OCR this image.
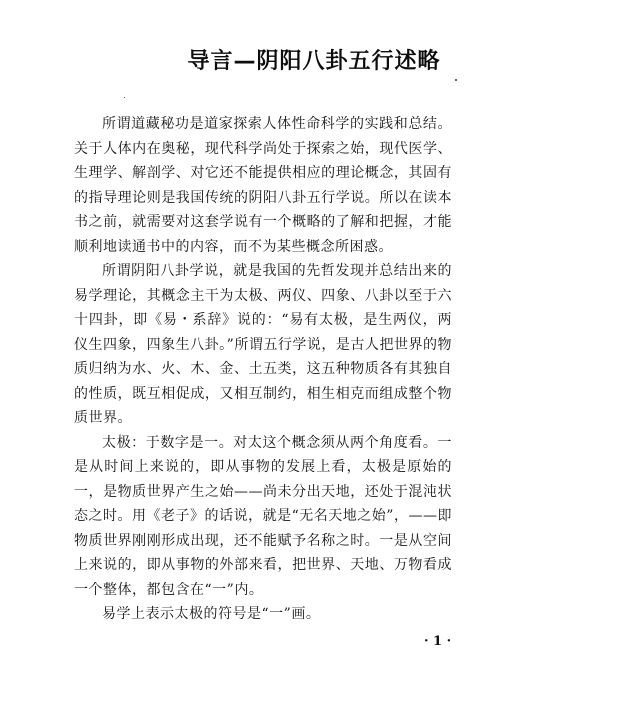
导言—阴阳八卦五行述略

所谓道藏秘功是道家探索人体性命科学的实践和总结。关于人体内在奥秘，现代科学尚处于探索之始，现代医学、生理学、解剖学、对它还不能提供相应的理论概念，其固有的指导理论则是我国传统的阴阳八卦五行学说。所以在读本书之前，就需要对这套学说有一个概略的了解和把握，才能顺利地读通书中的内容，而不为某些概念所困惑。

所谓阴阳八卦学说，就是我国的先哲发现并总结出来的易学理论，其概念主干为太极、两仪、四象、八卦以至于六十四卦，即《易・系辞》说的：“易有太极，是生两仪，两仪生四象，四象生八卦。”所谓五行学说，是古人把世界的物质归纳为水、火、木、金、土五类，这五种物质各有其独自的性质，既互相促成，又相互制约，相生相克而组成整个物质世界。

太极：于数字是一。对太这个概念须从两个角度看。一是从时间上来说的，即从事物的发展上看，太极是原始的一，是物质世界产生之始——尚未分出天地，还处于混沌状态之时。用《老子》的话说，就是“无名天地之始”，——即物质世界刚刚形成出现，还不能赋予名称之时。一是从空间上来说的，即从事物的外部来看，把世界、天地、万物看成一个整体，都包含在“一”内。

易学上表示太极的符号是“一”画。

· 1 ·
